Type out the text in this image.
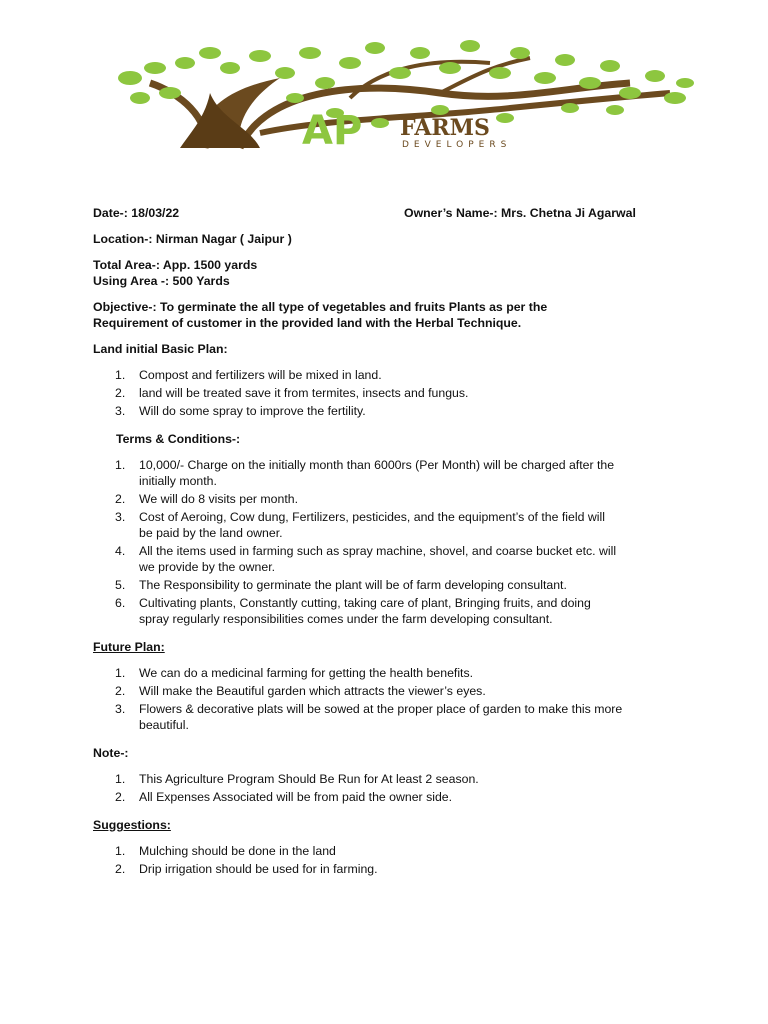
AP FARMS
DEVELOPERS
Date-: 18/03/22	Owner’s Name-: Mrs. Chetna Ji Agarwal

Location-: Nirman Nagar ( Jaipur )

Total Area-: App. 1500 yards

Using Area -: 500 Yards

Objective-: To germinate the all type of vegetables and fruits Plants as per the

Requirement of customer in the provided land with the Herbal Technique.

Land initial Basic Plan:

1. Compost and fertilizers will be mixed in land.
2. land will be treated save it from termites, insects and fungus.
3. Will do some spray to improve the fertility.

Terms & Conditions-:

1. 10,000/- Charge on the initially month than 6000rs (Per Month) will be charged after the
initially month.
2. We will do 8 visits per month.
3. Cost of Aeroing, Cow dung, Fertilizers, pesticides, and the equipment’s of the field will
be paid by the land owner.
4. All the items used in farming such as spray machine, shovel, and coarse bucket etc. will
we provide by the owner.
5. The Responsibility to germinate the plant will be of farm developing consultant.
6. Cultivating plants, Constantly cutting, taking care of plant, Bringing fruits, and doing
spray regularly responsibilities comes under the farm developing consultant.

Future Plan:

1. We can do a medicinal farming for getting the health benefits.
2. Will make the Beautiful garden which attracts the viewer’s eyes.
3. Flowers & decorative plats will be sowed at the proper place of garden to make this more
beautiful.

Note-:

1. This Agriculture Program Should Be Run for At least 2 season.
2. All Expenses Associated will be from paid the owner side.

Suggestions:

1. Mulching should be done in the land
2. Drip irrigation should be used for in farming.
